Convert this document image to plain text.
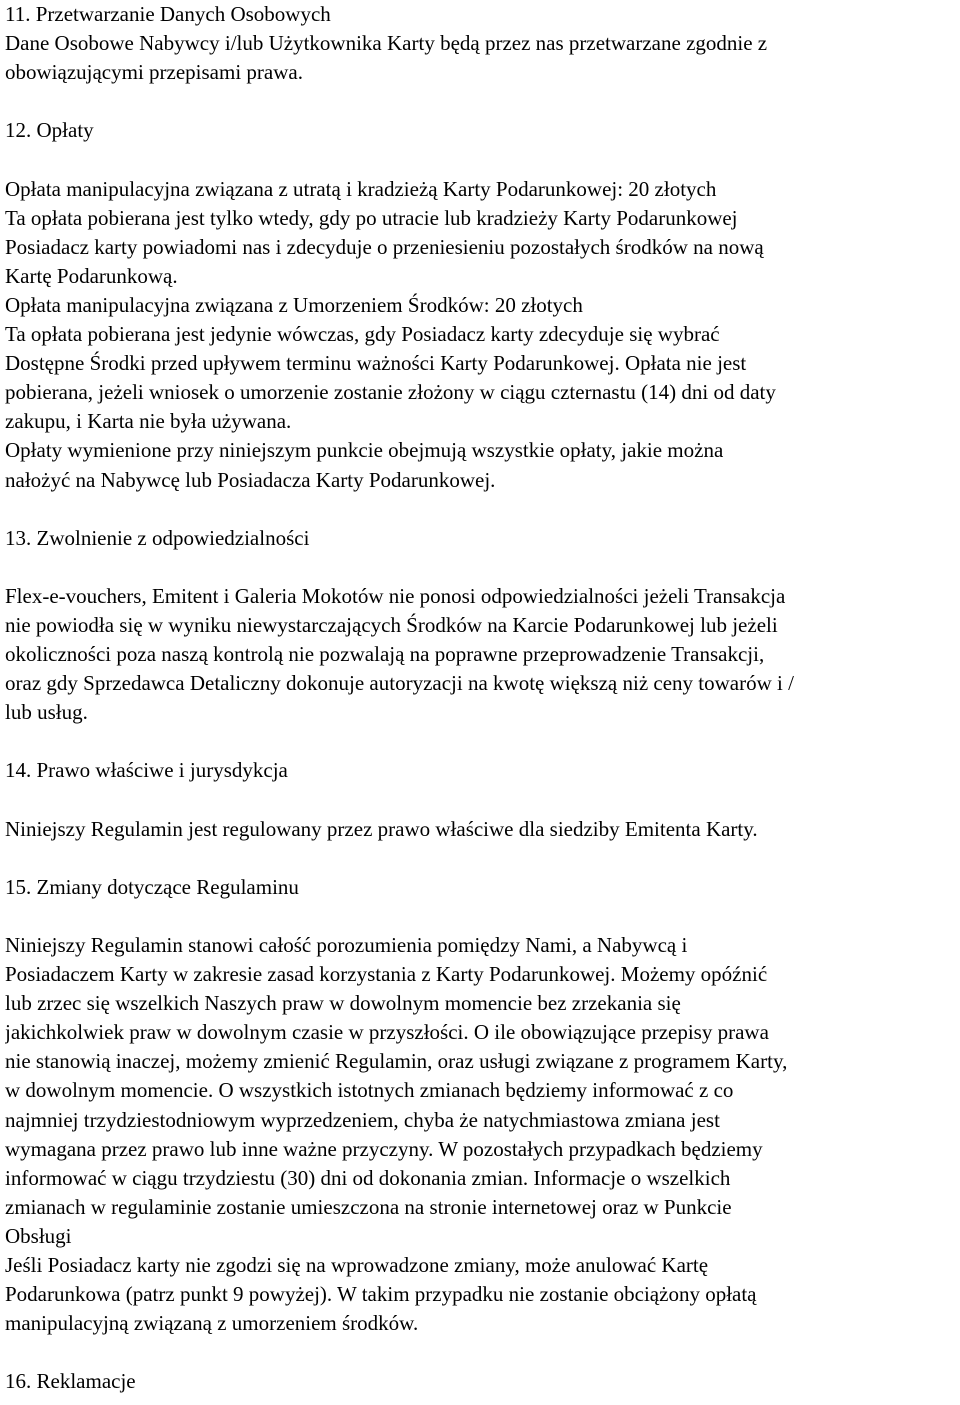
11. Przetwarzanie Danych Osobowych
Dane Osobowe Nabywcy i/lub Użytkownika Karty będą przez nas przetwarzane zgodnie z
obowiązującymi przepisami prawa.
12. Opłaty
Opłata manipulacyjna związana z utratą i kradzieżą Karty Podarunkowej: 20 złotych
Ta opłata pobierana jest tylko wtedy, gdy po utracie lub kradzieży Karty Podarunkowej
Posiadacz karty powiadomi nas i zdecyduje o przeniesieniu pozostałych środków na nową
Kartę Podarunkową.
Opłata manipulacyjna związana z Umorzeniem Środków: 20 złotych
Ta opłata pobierana jest jedynie wówczas, gdy Posiadacz karty zdecyduje się wybrać
Dostępne Środki przed upływem terminu ważności Karty Podarunkowej. Opłata nie jest
pobierana, jeżeli wniosek o umorzenie zostanie złożony w ciągu czternastu (14) dni od daty
zakupu, i Karta nie była używana.
Opłaty wymienione przy niniejszym punkcie obejmują wszystkie opłaty, jakie można
nałożyć na Nabywcę lub Posiadacza Karty Podarunkowej.
13. Zwolnienie z odpowiedzialności
Flex-e-vouchers, Emitent i Galeria Mokotów nie ponosi odpowiedzialności jeżeli Transakcja
nie powiodła się w wyniku niewystarczających Środków na Karcie Podarunkowej lub jeżeli
okoliczności poza naszą kontrolą nie pozwalają na poprawne przeprowadzenie Transakcji,
oraz gdy Sprzedawca Detaliczny dokonuje autoryzacji na kwotę większą niż ceny towarów i /
lub usług.
14. Prawo właściwe i jurysdykcja
Niniejszy Regulamin jest regulowany przez prawo właściwe dla siedziby Emitenta Karty.
15. Zmiany dotyczące Regulaminu
Niniejszy Regulamin stanowi całość porozumienia pomiędzy Nami, a Nabywcą i
Posiadaczem Karty w zakresie zasad korzystania z Karty Podarunkowej. Możemy opóźnić
lub zrzec się wszelkich Naszych praw w dowolnym momencie bez zrzekania się
jakichkolwiek praw w dowolnym czasie w przyszłości. O ile obowiązujące przepisy prawa
nie stanowią inaczej, możemy zmienić Regulamin, oraz usługi związane z programem Karty,
w dowolnym momencie. O wszystkich istotnych zmianach będziemy informować z co
najmniej trzydziestodniowym wyprzedzeniem, chyba że natychmiastowa zmiana jest
wymagana przez prawo lub inne ważne przyczyny. W pozostałych przypadkach będziemy
informować w ciągu trzydziestu (30) dni od dokonania zmian. Informacje o wszelkich
zmianach w regulaminie zostanie umieszczona na stronie internetowej oraz w Punkcie
Obsługi
Jeśli Posiadacz karty nie zgodzi się na wprowadzone zmiany, może anulować Kartę
Podarunkowa (patrz punkt 9 powyżej). W takim przypadku nie zostanie obciążony opłatą
manipulacyjną związaną z umorzeniem środków.
16. Reklamacje
